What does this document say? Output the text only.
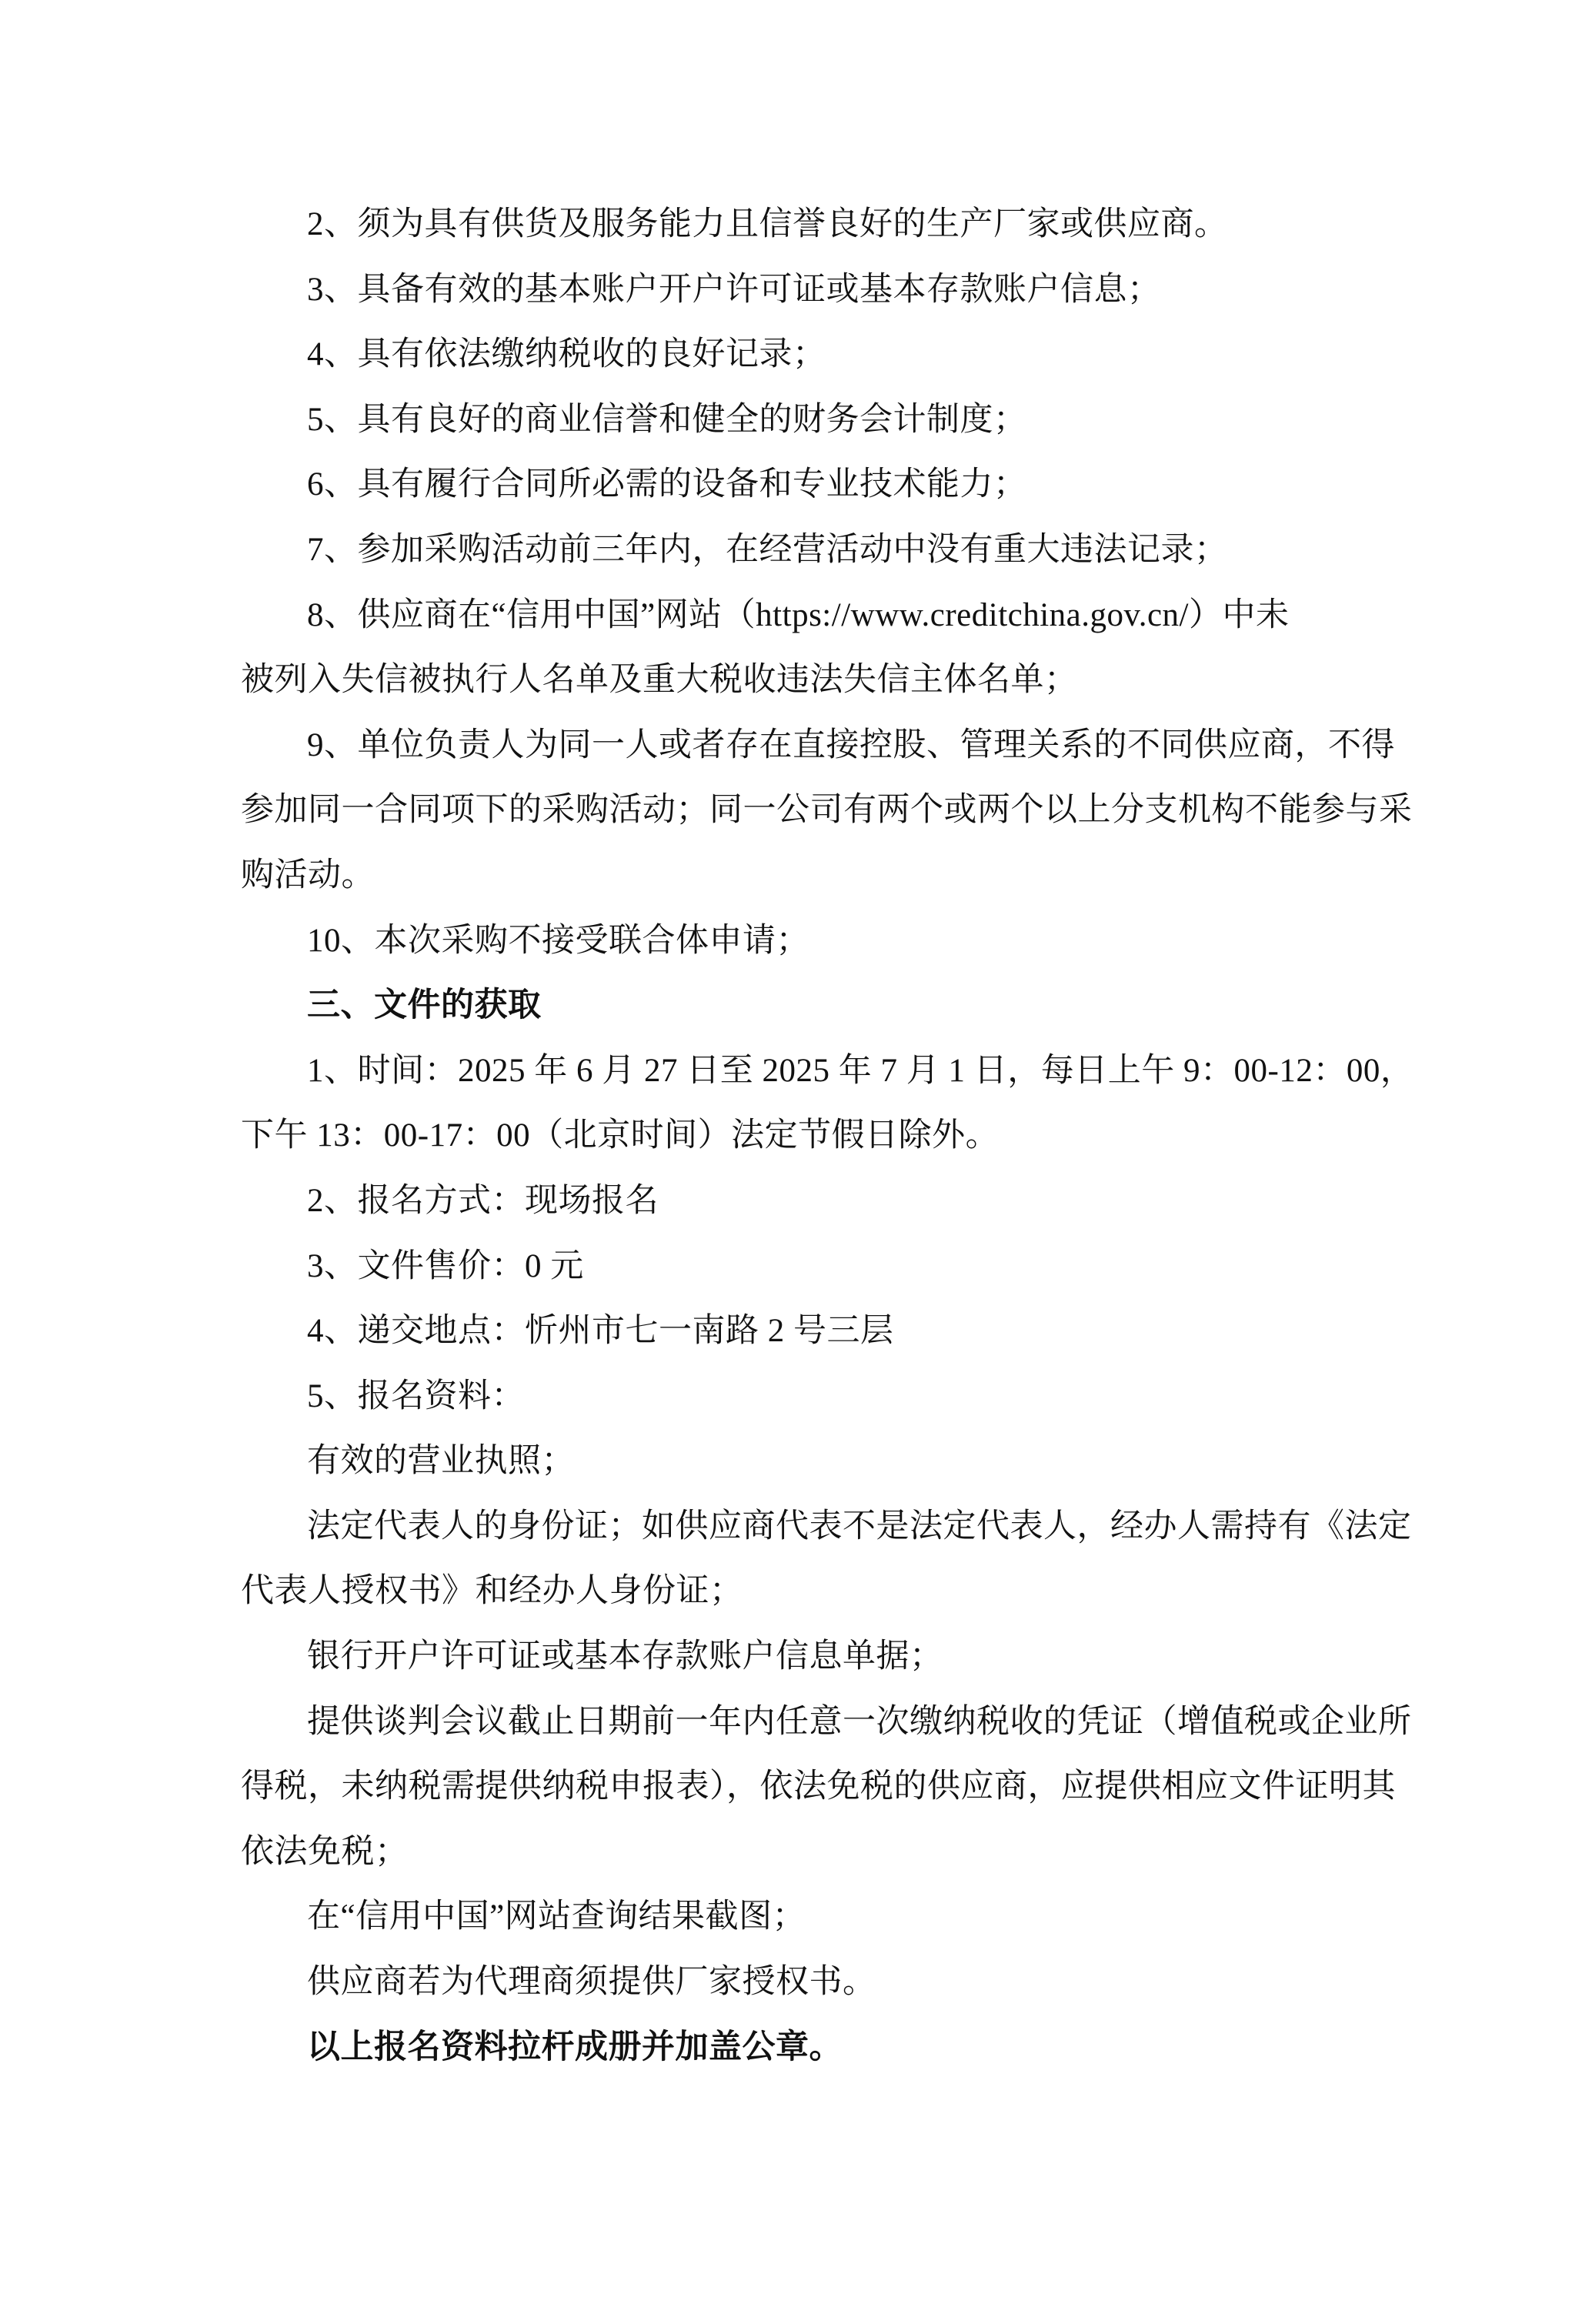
2、须为具有供货及服务能力且信誉良好的生产厂家或供应商。
3、具备有效的基本账户开户许可证或基本存款账户信息；
4、具有依法缴纳税收的良好记录；
5、具有良好的商业信誉和健全的财务会计制度；
6、具有履行合同所必需的设备和专业技术能力；
7、参加采购活动前三年内，在经营活动中没有重大违法记录；
8、供应商在“信用中国”网站（https://www.creditchina.gov.cn/）中未
被列入失信被执行人名单及重大税收违法失信主体名单；
9、单位负责人为同一人或者存在直接控股、管理关系的不同供应商，不得
参加同一合同项下的采购活动；同一公司有两个或两个以上分支机构不能参与采
购活动。
10、本次采购不接受联合体申请；
三、文件的获取
1、时间：2025 年 6 月 27 日至 2025 年 7 月 1 日，每日上午 9：00-12：00，
下午 13：00-17：00（北京时间）法定节假日除外。
2、报名方式：现场报名
3、文件售价：0 元
4、递交地点：忻州市七一南路 2 号三层
5、报名资料：
有效的营业执照；
法定代表人的身份证；如供应商代表不是法定代表人，经办人需持有《法定
代表人授权书》和经办人身份证；
银行开户许可证或基本存款账户信息单据；
提供谈判会议截止日期前一年内任意一次缴纳税收的凭证（增值税或企业所
得税，未纳税需提供纳税申报表），依法免税的供应商，应提供相应文件证明其
依法免税；
在“信用中国”网站查询结果截图；
供应商若为代理商须提供厂家授权书。
以上报名资料拉杆成册并加盖公章。
